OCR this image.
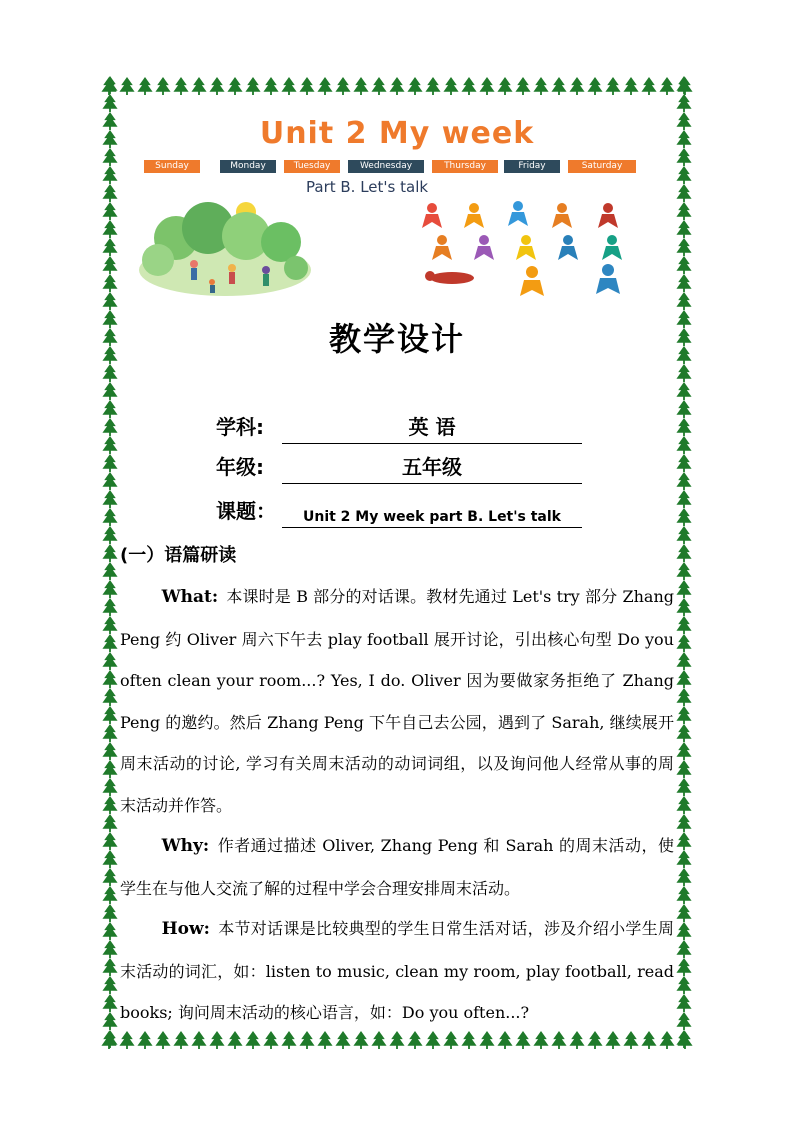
Unit 2 My week
Sunday	Monday	Tuesday	Wednesday	Thursday	Friday	Saturday
Part B. Let's talk
教学设计
学科:	英 语
年级:	五年级
课题：	Unit 2 My week part B. Let's talk
(一）语篇研读
What: 本课时是 B 部分的对话课。教材先通过 Let's try 部分 Zhang Peng 约 Oliver 周六下午去 play football 展开讨论，引出核心句型 Do you often clean your room...? Yes, I do. Oliver 因为要做家务拒绝了 Zhang Peng 的邀约。然后 Zhang Peng 下午自己去公园，遇到了 Sarah, 继续展开周末活动的讨论, 学习有关周末活动的动词词组，以及询问他人经常从事的周末活动并作答。
Why: 作者通过描述 Oliver, Zhang Peng 和 Sarah 的周末活动，使学生在与他人交流了解的过程中学会合理安排周末活动。
How: 本节对话课是比较典型的学生日常生活对话，涉及介绍小学生周末活动的词汇，如：listen to music, clean my room, play football, read books; 询问周末活动的核心语言，如：Do you often...?
